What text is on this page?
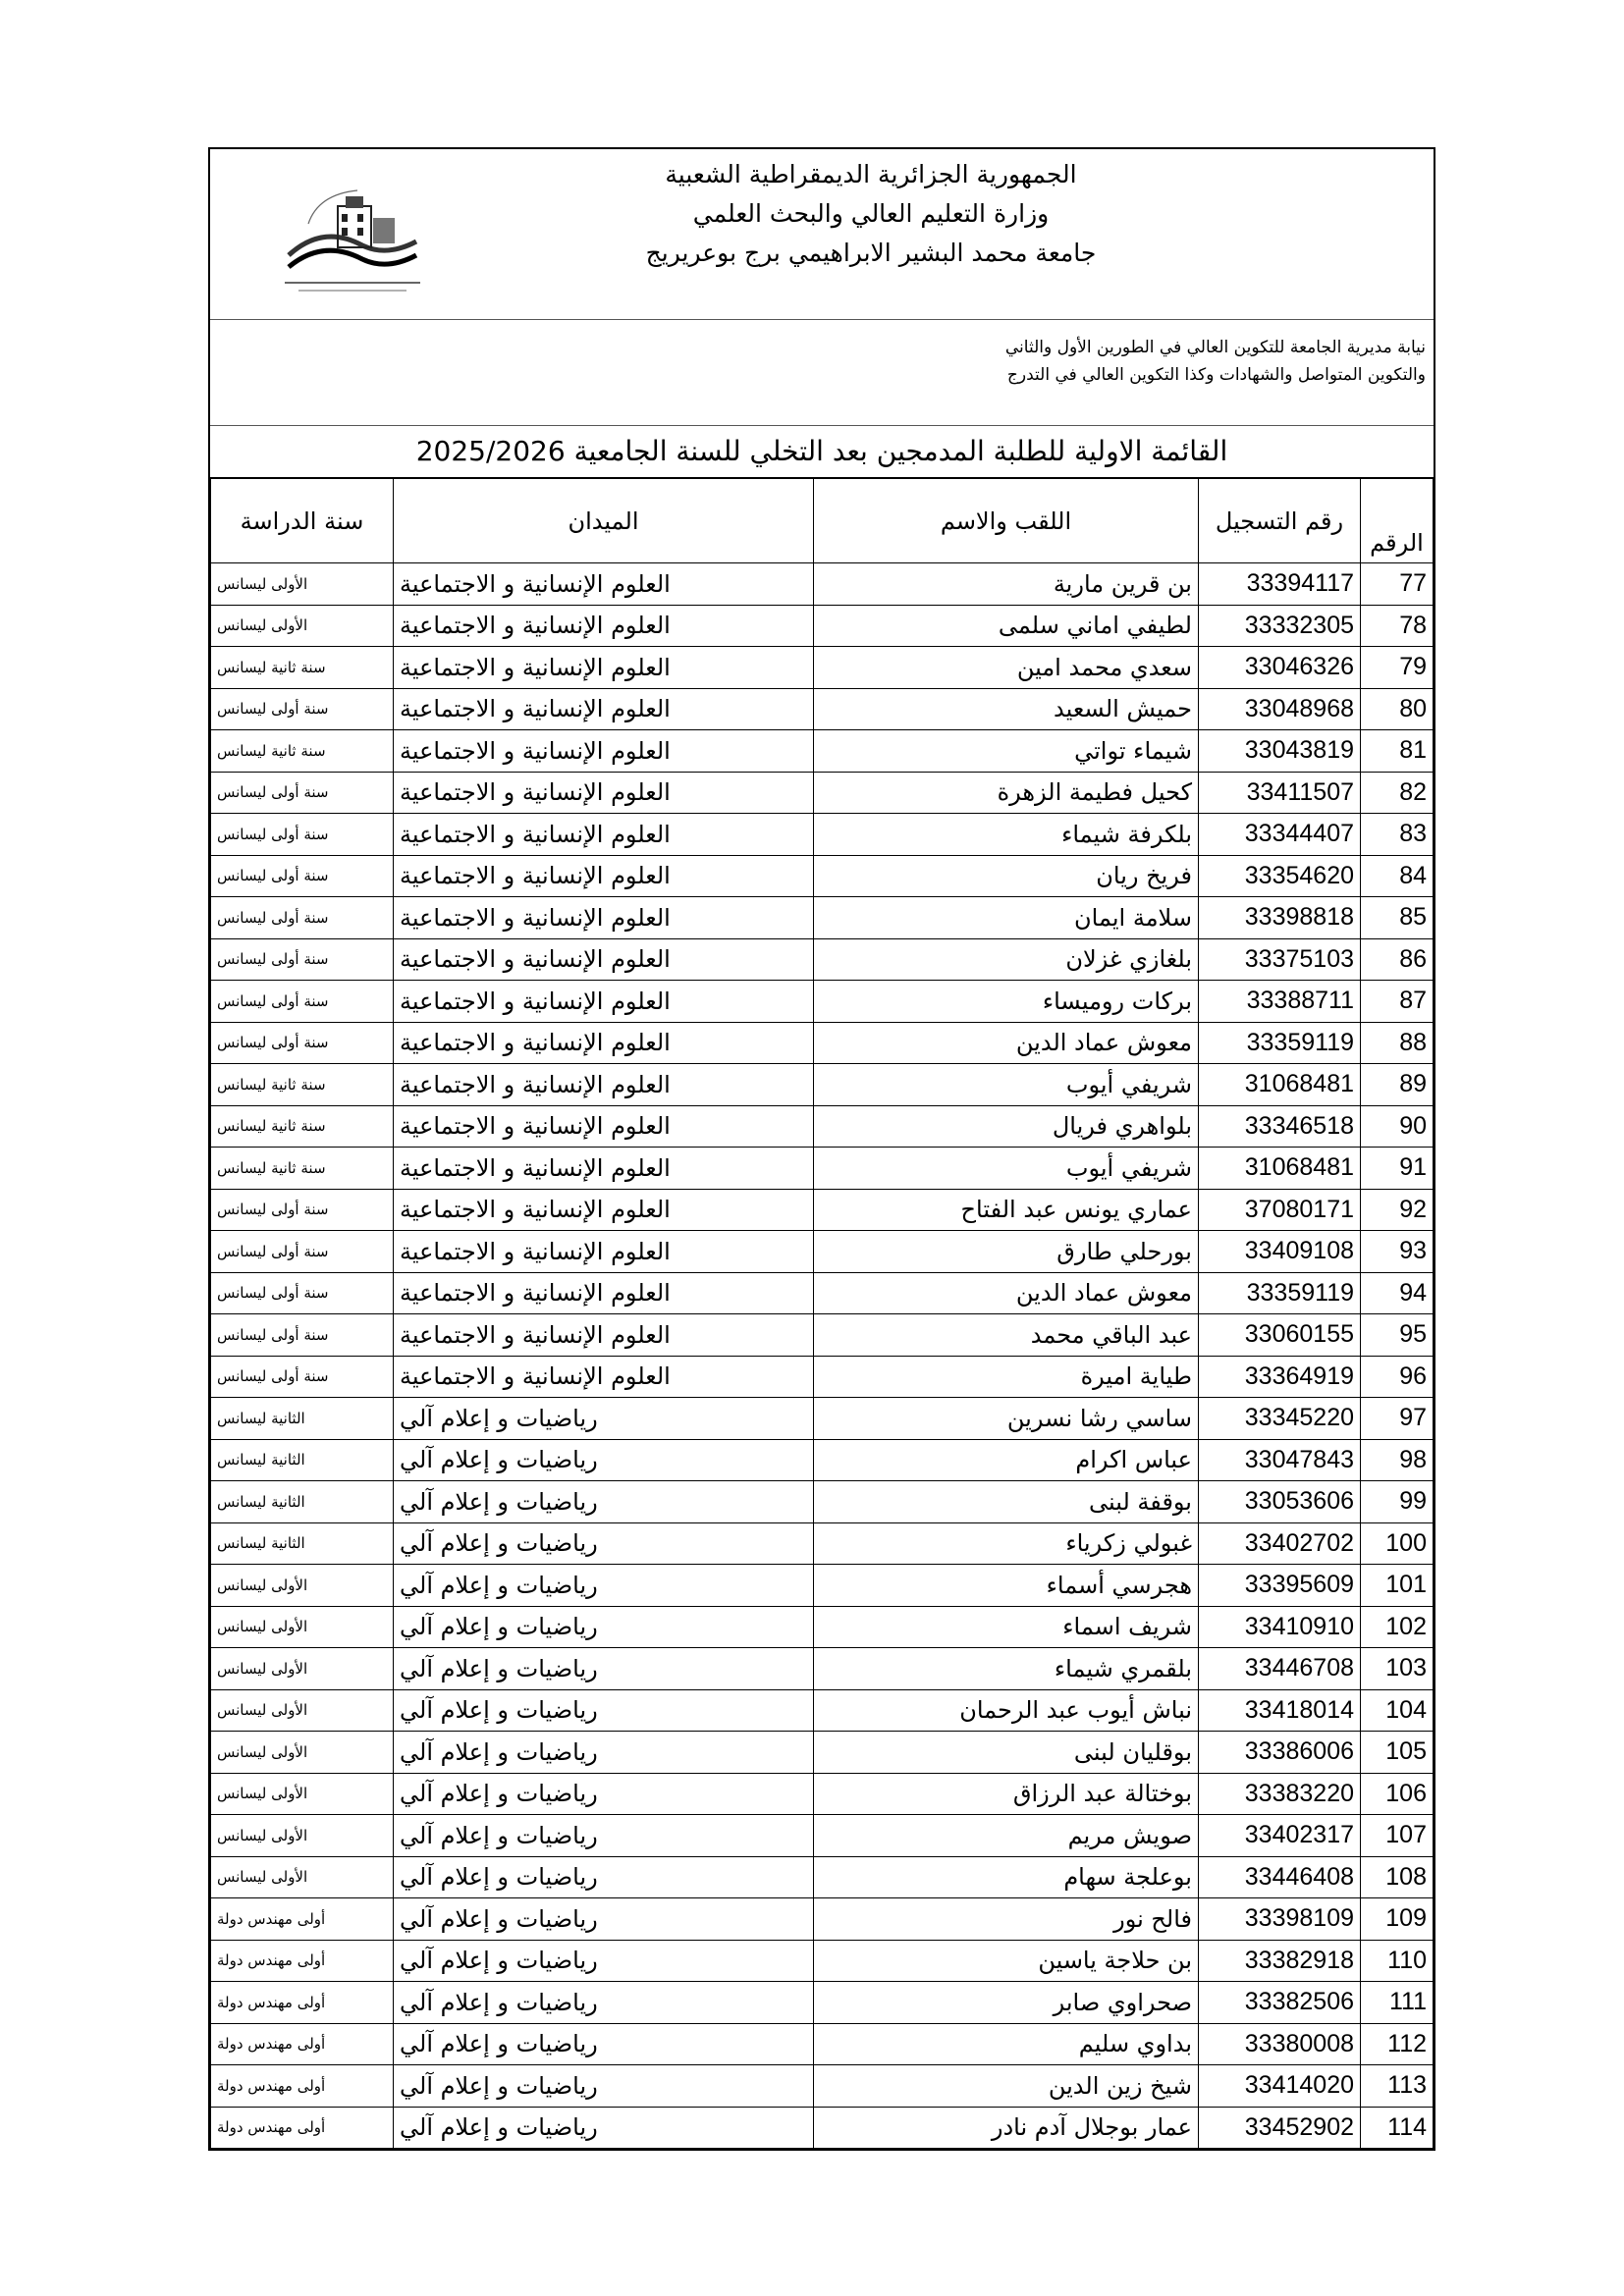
الجمهورية الجزائرية الديمقراطية الشعبية
وزارة التعليم العالي والبحث العلمي
جامعة محمد البشير الابراهيمي برج بوعريريج
نيابة مديرية الجامعة للتكوين العالي في الطورين الأول والثاني
والتكوين المتواصل والشهادات وكذا التكوين العالي في التدرج
القائمة الاولية للطلبة المدمجين بعد التخلي للسنة الجامعية 2025/2026
الرقم	رقم التسجيل	اللقب والاسم	الميدان	سنة الدراسة
77	33394117	بن قرين مارية	العلوم الإنسانية و الاجتماعية	الأولى ليسانس

78	33332305	لطيفي اماني سلمى	العلوم الإنسانية و الاجتماعية	الأولى ليسانس

79	33046326	سعدي محمد امين	العلوم الإنسانية و الاجتماعية	سنة ثانية ليسانس

80	33048968	حميش السعيد	العلوم الإنسانية و الاجتماعية	سنة أولى ليسانس

81	33043819	شيماء تواتي	العلوم الإنسانية و الاجتماعية	سنة ثانية ليسانس

82	33411507	كحيل فطيمة الزهرة	العلوم الإنسانية و الاجتماعية	سنة أولى ليسانس

83	33344407	بلكرفة شيماء	العلوم الإنسانية و الاجتماعية	سنة أولى ليسانس

84	33354620	فريخ ريان	العلوم الإنسانية و الاجتماعية	سنة أولى ليسانس

85	33398818	سلامة ايمان	العلوم الإنسانية و الاجتماعية	سنة أولى ليسانس

86	33375103	بلغازي غزلان	العلوم الإنسانية و الاجتماعية	سنة أولى ليسانس

87	33388711	بركات روميساء	العلوم الإنسانية و الاجتماعية	سنة أولى ليسانس

88	33359119	معوش عماد الدين	العلوم الإنسانية و الاجتماعية	سنة أولى ليسانس

89	31068481	شريفي أيوب	العلوم الإنسانية و الاجتماعية	سنة ثانية ليسانس

90	33346518	بلواهري فريال	العلوم الإنسانية و الاجتماعية	سنة ثانية ليسانس

91	31068481	شريفي أيوب	العلوم الإنسانية و الاجتماعية	سنة ثانية ليسانس

92	37080171	عماري يونس عبد الفتاح	العلوم الإنسانية و الاجتماعية	سنة أولى ليسانس

93	33409108	بورحلي طارق	العلوم الإنسانية و الاجتماعية	سنة أولى ليسانس

94	33359119	معوش عماد الدين	العلوم الإنسانية و الاجتماعية	سنة أولى ليسانس

95	33060155	عبد الباقي محمد	العلوم الإنسانية و الاجتماعية	سنة أولى ليسانس

96	33364919	طياية اميرة	العلوم الإنسانية و الاجتماعية	سنة أولى ليسانس

97	33345220	ساسي رشا نسرين	رياضيات و إعلام آلي	الثانية ليسانس

98	33047843	عباس اكرام	رياضيات و إعلام آلي	الثانية ليسانس

99	33053606	بوقفة لبنى	رياضيات و إعلام آلي	الثانية ليسانس

100	33402702	غبولي زكرياء	رياضيات و إعلام آلي	الثانية ليسانس

101	33395609	هجرسي أسماء	رياضيات و إعلام آلي	الأولى ليسانس

102	33410910	شريف اسماء	رياضيات و إعلام آلي	الأولى ليسانس

103	33446708	بلقمري شيماء	رياضيات و إعلام آلي	الأولى ليسانس

104	33418014	نباش أيوب عبد الرحمان	رياضيات و إعلام آلي	الأولى ليسانس

105	33386006	بوقليان لبنى	رياضيات و إعلام آلي	الأولى ليسانس

106	33383220	بوختالة عبد الرزاق	رياضيات و إعلام آلي	الأولى ليسانس

107	33402317	صويش مريم	رياضيات و إعلام آلي	الأولى ليسانس

108	33446408	بوعلجة سهام	رياضيات و إعلام آلي	الأولى ليسانس

109	33398109	فالح نور	رياضيات و إعلام آلي	أولى مهندس دولة

110	33382918	بن حلاجة ياسين	رياضيات و إعلام آلي	أولى مهندس دولة

111	33382506	صحراوي صابر	رياضيات و إعلام آلي	أولى مهندس دولة

112	33380008	بداوي سليم	رياضيات و إعلام آلي	أولى مهندس دولة

113	33414020	شيخ زين الدين	رياضيات و إعلام آلي	أولى مهندس دولة

114	33452902	عمار بوجلال آدم نادر	رياضيات و إعلام آلي	أولى مهندس دولة
